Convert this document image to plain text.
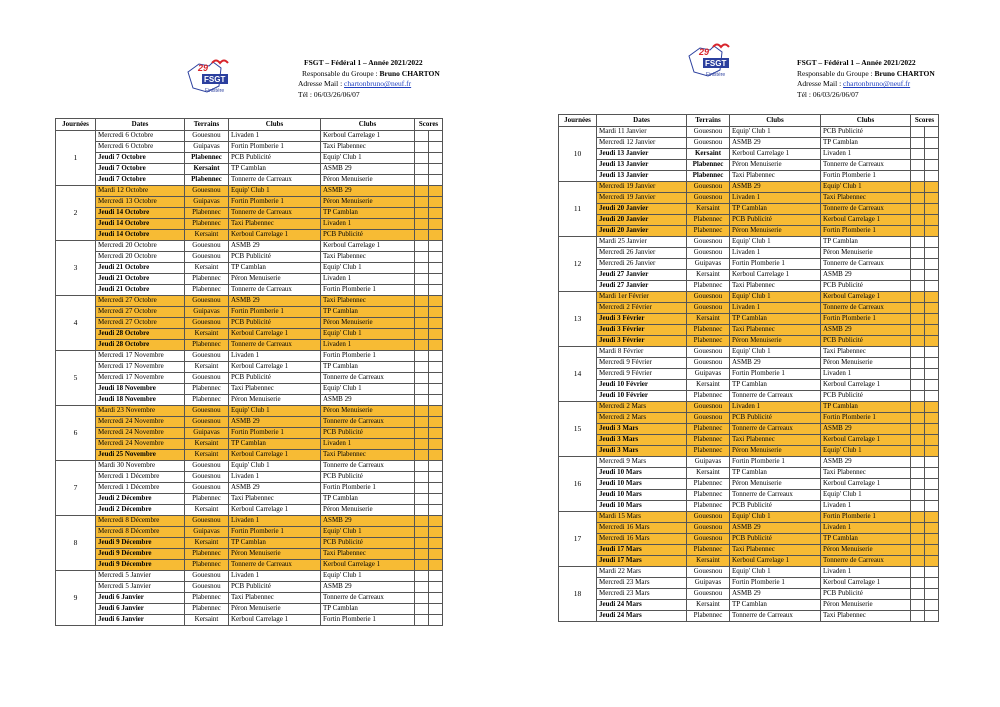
29
FSGT
Finistère
FSGT – Fédéral 1 – Année 2021/2022
Responsable du Groupe : Bruno CHARTON
Adresse Mail : chartonbruno@neuf.fr
Tél : 06/03/26/06/07
29
FSGT
Finistère
FSGT – Fédéral 1 – Année 2021/2022
Responsable du Groupe : Bruno CHARTON
Adresse Mail : chartonbruno@neuf.fr
Tél : 06/03/26/06/07
Journées	Dates	Terrains	Clubs	Clubs	Scores	
1	Mercredi 6 Octobre	Gouesnou	Livaden 1	Kerboul Carrelage 1		
	Mercredi 6 Octobre	Guipavas	Fortin Plomberie 1	Taxi Plabennec		
	Jeudi 7 Octobre	Plabennec	PCB Publicité	Equip' Club 1		
	Jeudi 7 Octobre	Kersaint	TP Camblan	ASMB 29		
	Jeudi 7 Octobre	Plabennec	Tonnerre de Carreaux	Péron Menuiserie		
2	Mardi 12 Octobre	Gouesnou	Equip' Club 1	ASMB 29		
	Mercredi 13 Octobre	Guipavas	Fortin Plomberie 1	Péron Menuiserie		
	Jeudi 14 Octobre	Plabennec	Tonnerre de Carreaux	TP Camblan		
	Jeudi 14 Octobre	Plabennec	Taxi Plabennec	Livaden 1		
	Jeudi 14 Octobre	Kersaint	Kerboul Carrelage 1	PCB Publicité		
3	Mercredi 20 Octobre	Gouesnou	ASMB 29	Kerboul Carrelage 1		
	Mercredi 20 Octobre	Gouesnou	PCB Publicité	Taxi Plabennec		
	Jeudi 21 Octobre	Kersaint	TP Camblan	Equip' Club 1		
	Jeudi 21 Octobre	Plabennec	Péron Menuiserie	Livaden 1		
	Jeudi 21 Octobre	Plabennec	Tonnerre de Carreaux	Fortin Plomberie 1		
4	Mercredi 27 Octobre	Gouesnou	ASMB 29	Taxi Plabennec		
	Mercredi 27 Octobre	Guipavas	Fortin Plomberie 1	TP Camblan		
	Mercredi 27 Octobre	Gouesnou	PCB Publicité	Péron Menuiserie		
	Jeudi 28 Octobre	Kersaint	Kerboul Carrelage 1	Equip' Club 1		
	Jeudi 28 Octobre	Plabennec	Tonnerre de Carreaux	Livaden 1		
5	Mercredi 17 Novembre	Gouesnou	Livaden 1	Fortin Plomberie 1		
	Mercredi 17 Novembre	Kersaint	Kerboul Carrelage 1	TP Camblan		
	Mercredi 17 Novembre	Gouesnou	PCB Publicité	Tonnerre de Carreaux		
	Jeudi 18 Novembre	Plabennec	Taxi Plabennec	Equip' Club 1		
	Jeudi 18 Novembre	Plabennec	Péron Menuiserie	ASMB 29		
6	Mardi 23 Novembre	Gouesnou	Equip' Club 1	Péron Menuiserie		
	Mercredi 24 Novembre	Gouesnou	ASMB 29	Tonnerre de Carreaux		
	Mercredi 24 Novembre	Guipavas	Fortin Plomberie 1	PCB Publicité		
	Mercredi 24 Novembre	Kersaint	TP Camblan	Livaden 1		
	Jeudi 25 Novembre	Kersaint	Kerboul Carrelage 1	Taxi Plabennec		
7	Mardi 30 Novembre	Gouesnou	Equip' Club 1	Tonnerre de Carreaux		
	Mercredi 1 Décembre	Gouesnou	Livaden 1	PCB Publicité		
	Mercredi 1 Décembre	Gouesnou	ASMB 29	Fortin Plomberie 1		
	Jeudi 2 Décembre	Plabennec	Taxi Plabennec	TP Camblan		
	Jeudi 2 Décembre	Kersaint	Kerboul Carrelage 1	Péron Menuiserie		
8	Mercredi 8 Décembre	Gouesnou	Livaden 1	ASMB 29		
	Mercredi 8 Décembre	Guipavas	Fortin Plomberie 1	Equip' Club 1		
	Jeudi 9 Décembre	Kersaint	TP Camblan	PCB Publicité		
	Jeudi 9 Décembre	Plabennec	Péron Menuiserie	Taxi Plabennec		
	Jeudi 9 Décembre	Plabennec	Tonnerre de Carreaux	Kerboul Carrelage 1		
9	Mercredi 5 Janvier	Gouesnou	Livaden 1	Equip' Club 1		
	Mercredi 5 Janvier	Gouesnou	PCB Publicité	ASMB 29		
	Jeudi 6 Janvier	Plabennec	Taxi Plabennec	Tonnerre de Carreaux		
	Jeudi 6 Janvier	Plabennec	Péron Menuiserie	TP Camblan		
	Jeudi 6 Janvier	Kersaint	Kerboul Carrelage 1	Fortin Plomberie 1		
Journées	Dates	Terrains	Clubs	Clubs	Scores	
10	Mardi 11 Janvier	Gouesnou	Equip' Club 1	PCB Publicité		
	Mercredi 12 Janvier	Gouesnou	ASMB 29	TP Camblan		
	Jeudi 13 Janvier	Kersaint	Kerboul Carrelage 1	Livaden 1		
	Jeudi 13 Janvier	Plabennec	Péron Menuiserie	Tonnerre de Carreaux		
	Jeudi 13 Janvier	Plabennec	Taxi Plabennec	Fortin Plomberie 1		
11	Mercredi 19 Janvier	Gouesnou	ASMB 29	Equip' Club 1		
	Mercredi 19 Janvier	Gouesnou	Livaden 1	Taxi Plabennec		
	Jeudi 20 Janvier	Kersaint	TP Camblan	Tonnerre de Carreaux		
	Jeudi 20 Janvier	Plabennec	PCB Publicité	Kerboul Carrelage 1		
	Jeudi 20 Janvier	Plabennec	Péron Menuiserie	Fortin Plomberie 1		
12	Mardi 25 Janvier	Gouesnou	Equip' Club 1	TP Camblan		
	Mercredi 26 Janvier	Gouesnou	Livaden 1	Péron Menuiserie		
	Mercredi 26 Janvier	Guipavas	Fortin Plomberie 1	Tonnerre de Carreaux		
	Jeudi 27 Janvier	Kersaint	Kerboul Carrelage 1	ASMB 29		
	Jeudi 27 Janvier	Plabennec	Taxi Plabennec	PCB Publicité		
13	Mardi 1er Février	Gouesnou	Equip' Club 1	Kerboul Carrelage 1		
	Mercredi 2 Février	Gouesnou	Livaden 1	Tonnerre de Carreaux		
	Jeudi 3 Février	Kersaint	TP Camblan	Fortin Plomberie 1		
	Jeudi 3 Février	Plabennec	Taxi Plabennec	ASMB 29		
	Jeudi 3 Février	Plabennec	Péron Menuiserie	PCB Publicité		
14	Mardi 8 Février	Gouesnou	Equip' Club 1	Taxi Plabennec		
	Mercredi 9 Février	Gouesnou	ASMB 29	Péron Menuiserie		
	Mercredi 9 Février	Guipavas	Fortin Plomberie 1	Livaden 1		
	Jeudi 10 Février	Kersaint	TP Camblan	Kerboul Carrelage 1		
	Jeudi 10 Février	Plabennec	Tonnerre de Carreaux	PCB Publicité		
15	Mercredi 2 Mars	Gouesnou	Livaden 1	TP Camblan		
	Mercredi 2 Mars	Gouesnou	PCB Publicité	Fortin Plomberie 1		
	Jeudi 3 Mars	Plabennec	Tonnerre de Carreaux	ASMB 29		
	Jeudi 3 Mars	Plabennec	Taxi Plabennec	Kerboul Carrelage 1		
	Jeudi 3 Mars	Plabennec	Péron Menuiserie	Equip' Club 1		
16	Mercredi 9 Mars	Guipavas	Fortin Plomberie 1	ASMB 29		
	Jeudi 10 Mars	Kersaint	TP Camblan	Taxi Plabennec		
	Jeudi 10 Mars	Plabennec	Péron Menuiserie	Kerboul Carrelage 1		
	Jeudi 10 Mars	Plabennec	Tonnerre de Carreaux	Equip' Club 1		
	Jeudi 10 Mars	Plabennec	PCB Publicité	Livaden 1		
17	Mardi 15 Mars	Gouesnou	Equip' Club 1	Fortin Plomberie 1		
	Mercredi 16 Mars	Gouesnou	ASMB 29	Livaden 1		
	Mercredi 16 Mars	Gouesnou	PCB Publicité	TP Camblan		
	Jeudi 17 Mars	Plabennec	Taxi Plabennec	Péron Menuiserie		
	Jeudi 17 Mars	Kersaint	Kerboul Carrelage 1	Tonnerre de Carreaux		
18	Mardi 22 Mars	Gouesnou	Equip' Club 1	Livaden 1		
	Mercredi 23 Mars	Guipavas	Fortin Plomberie 1	Kerboul Carrelage 1		
	Mercredi 23 Mars	Gouesnou	ASMB 29	PCB Publicité		
	Jeudi 24 Mars	Kersaint	TP Camblan	Péron Menuiserie		
	Jeudi 24 Mars	Plabennec	Tonnerre de Carreaux	Taxi Plabennec		
